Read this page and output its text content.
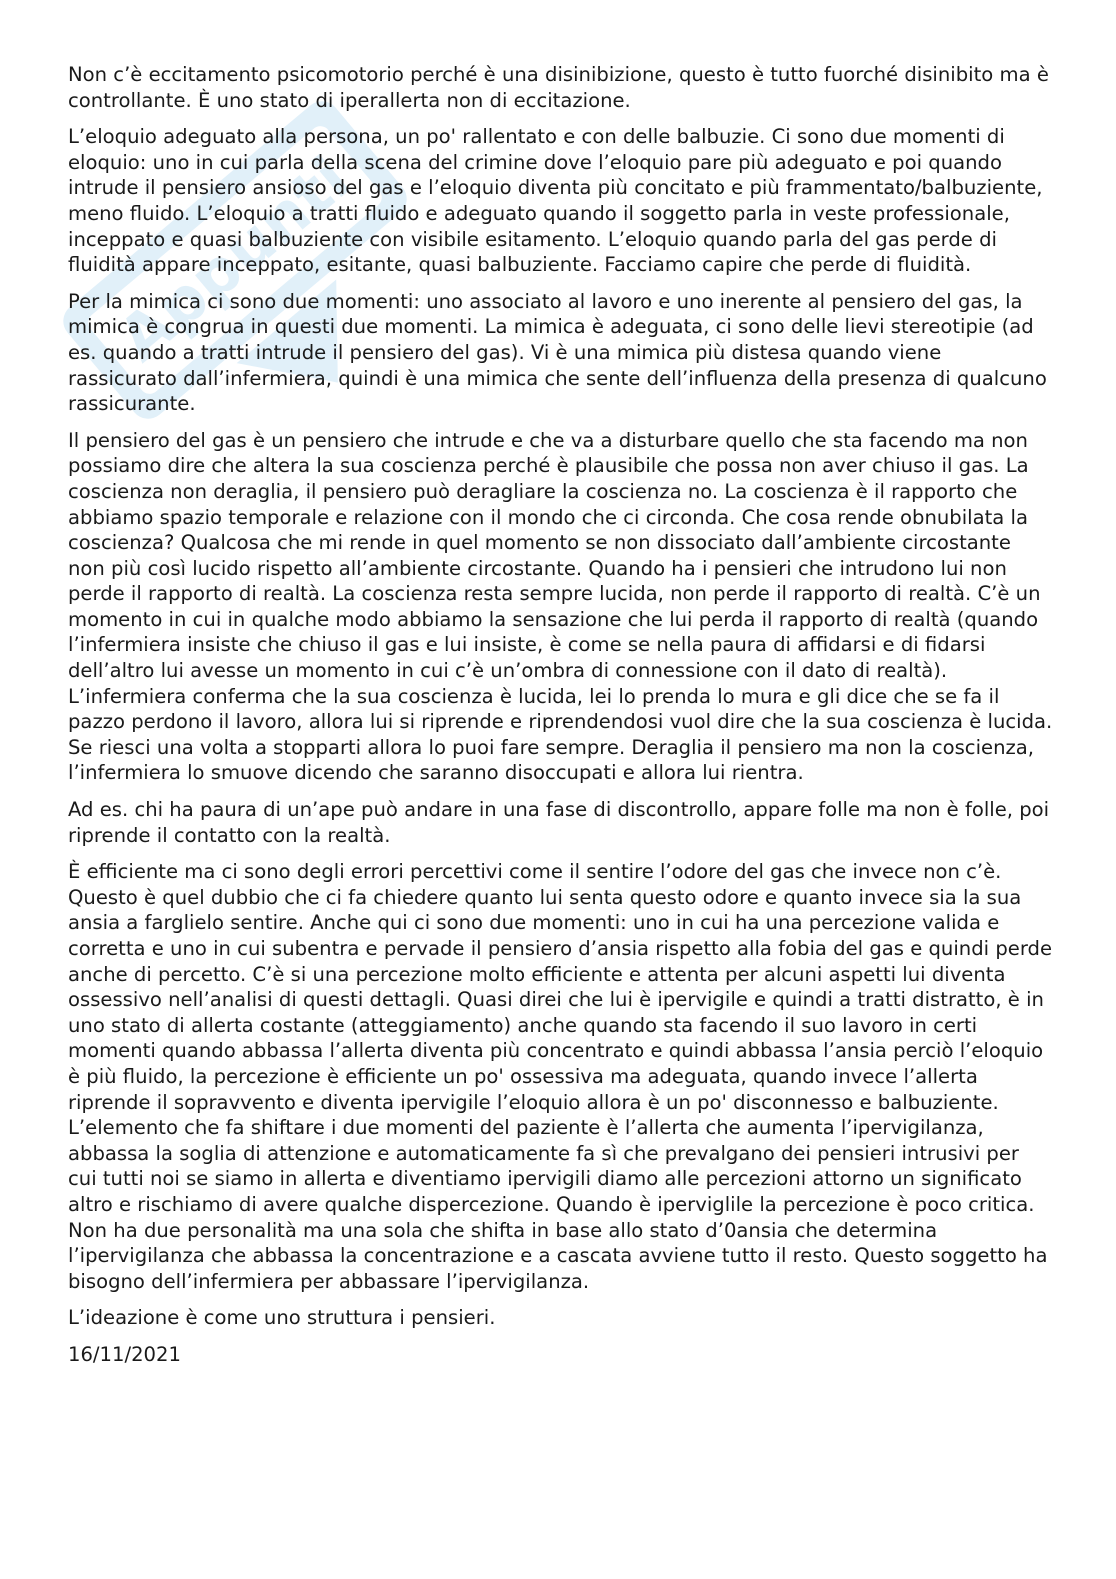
Appunti

Non c’è eccitamento psicomotorio perché è una disinibizione, questo è tutto fuorché disinibito ma è controllante. È uno stato di iperallerta non di eccitazione.

L’eloquio adeguato alla persona, un po' rallentato e con delle balbuzie. Ci sono due momenti di eloquio: uno in cui parla della scena del crimine dove l’eloquio pare più adeguato e poi quando intrude il pensiero ansioso del gas e l’eloquio diventa più concitato e più frammentato/balbuziente, meno fluido. L’eloquio a tratti fluido e adeguato quando il soggetto parla in veste professionale, inceppato e quasi balbuziente con visibile esitamento. L’eloquio quando parla del gas perde di fluidità appare inceppato, esitante, quasi balbuziente. Facciamo capire che perde di fluidità.

Per la mimica ci sono due momenti: uno associato al lavoro e uno inerente al pensiero del gas, la mimica è congrua in questi due momenti. La mimica è adeguata, ci sono delle lievi stereotipie (ad es. quando a tratti intrude il pensiero del gas). Vi è una mimica più distesa quando viene rassicurato dall’infermiera, quindi è una mimica che sente dell’influenza della presenza di qualcuno rassicurante.

Il pensiero del gas è un pensiero che intrude e che va a disturbare quello che sta facendo ma non possiamo dire che altera la sua coscienza perché è plausibile che possa non aver chiuso il gas. La coscienza non deraglia, il pensiero può deragliare la coscienza no. La coscienza è il rapporto che abbiamo spazio temporale e relazione con il mondo che ci circonda. Che cosa rende obnubilata la coscienza? Qualcosa che mi rende in quel momento se non dissociato dall’ambiente circostante non più così lucido rispetto all’ambiente circostante. Quando ha i pensieri che intrudono lui non perde il rapporto di realtà. La coscienza resta sempre lucida, non perde il rapporto di realtà. C’è un momento in cui in qualche modo abbiamo la sensazione che lui perda il rapporto di realtà (quando l’infermiera insiste che chiuso il gas e lui insiste, è come se nella paura di affidarsi e di fidarsi dell’altro lui avesse un momento in cui c’è un’ombra di connessione con il dato di realtà). L’infermiera conferma che la sua coscienza è lucida, lei lo prenda lo mura e gli dice che se fa il pazzo perdono il lavoro, allora lui si riprende e riprendendosi vuol dire che la sua coscienza è lucida. Se riesci una volta a stopparti allora lo puoi fare sempre. Deraglia il pensiero ma non la coscienza, l’infermiera lo smuove dicendo che saranno disoccupati e allora lui rientra.

Ad es. chi ha paura di un’ape può andare in una fase di discontrollo, appare folle ma non è folle, poi riprende il contatto con la realtà.

È efficiente ma ci sono degli errori percettivi come il sentire l’odore del gas che invece non c’è. Questo è quel dubbio che ci fa chiedere quanto lui senta questo odore e quanto invece sia la sua ansia a farglielo sentire. Anche qui ci sono due momenti: uno in cui ha una percezione valida e corretta e uno in cui subentra e pervade il pensiero d’ansia rispetto alla fobia del gas e quindi perde anche di percetto. C’è si una percezione molto efficiente e attenta per alcuni aspetti lui diventa ossessivo nell’analisi di questi dettagli. Quasi direi che lui è ipervigile e quindi a tratti distratto, è in uno stato di allerta costante (atteggiamento) anche quando sta facendo il suo lavoro in certi momenti quando abbassa l’allerta diventa più concentrato e quindi abbassa l’ansia perciò l’eloquio è più fluido, la percezione è efficiente un po' ossessiva ma adeguata, quando invece l’allerta riprende il sopravvento e diventa ipervigile l’eloquio allora è un po' disconnesso e balbuziente. L’elemento che fa shiftare i due momenti del paziente è l’allerta che aumenta l’ipervigilanza, abbassa la soglia di attenzione e automaticamente fa sì che prevalgano dei pensieri intrusivi per cui tutti noi se siamo in allerta e diventiamo ipervigili diamo alle percezioni attorno un significato altro e rischiamo di avere qualche dispercezione. Quando è iperviglile la percezione è poco critica. Non ha due personalità ma una sola che shifta in base allo stato d’0ansia che determina l’ipervigilanza che abbassa la concentrazione e a cascata avviene tutto il resto. Questo soggetto ha bisogno dell’infermiera per abbassare l’ipervigilanza.

L’ideazione è come uno struttura i pensieri.

16/11/2021
